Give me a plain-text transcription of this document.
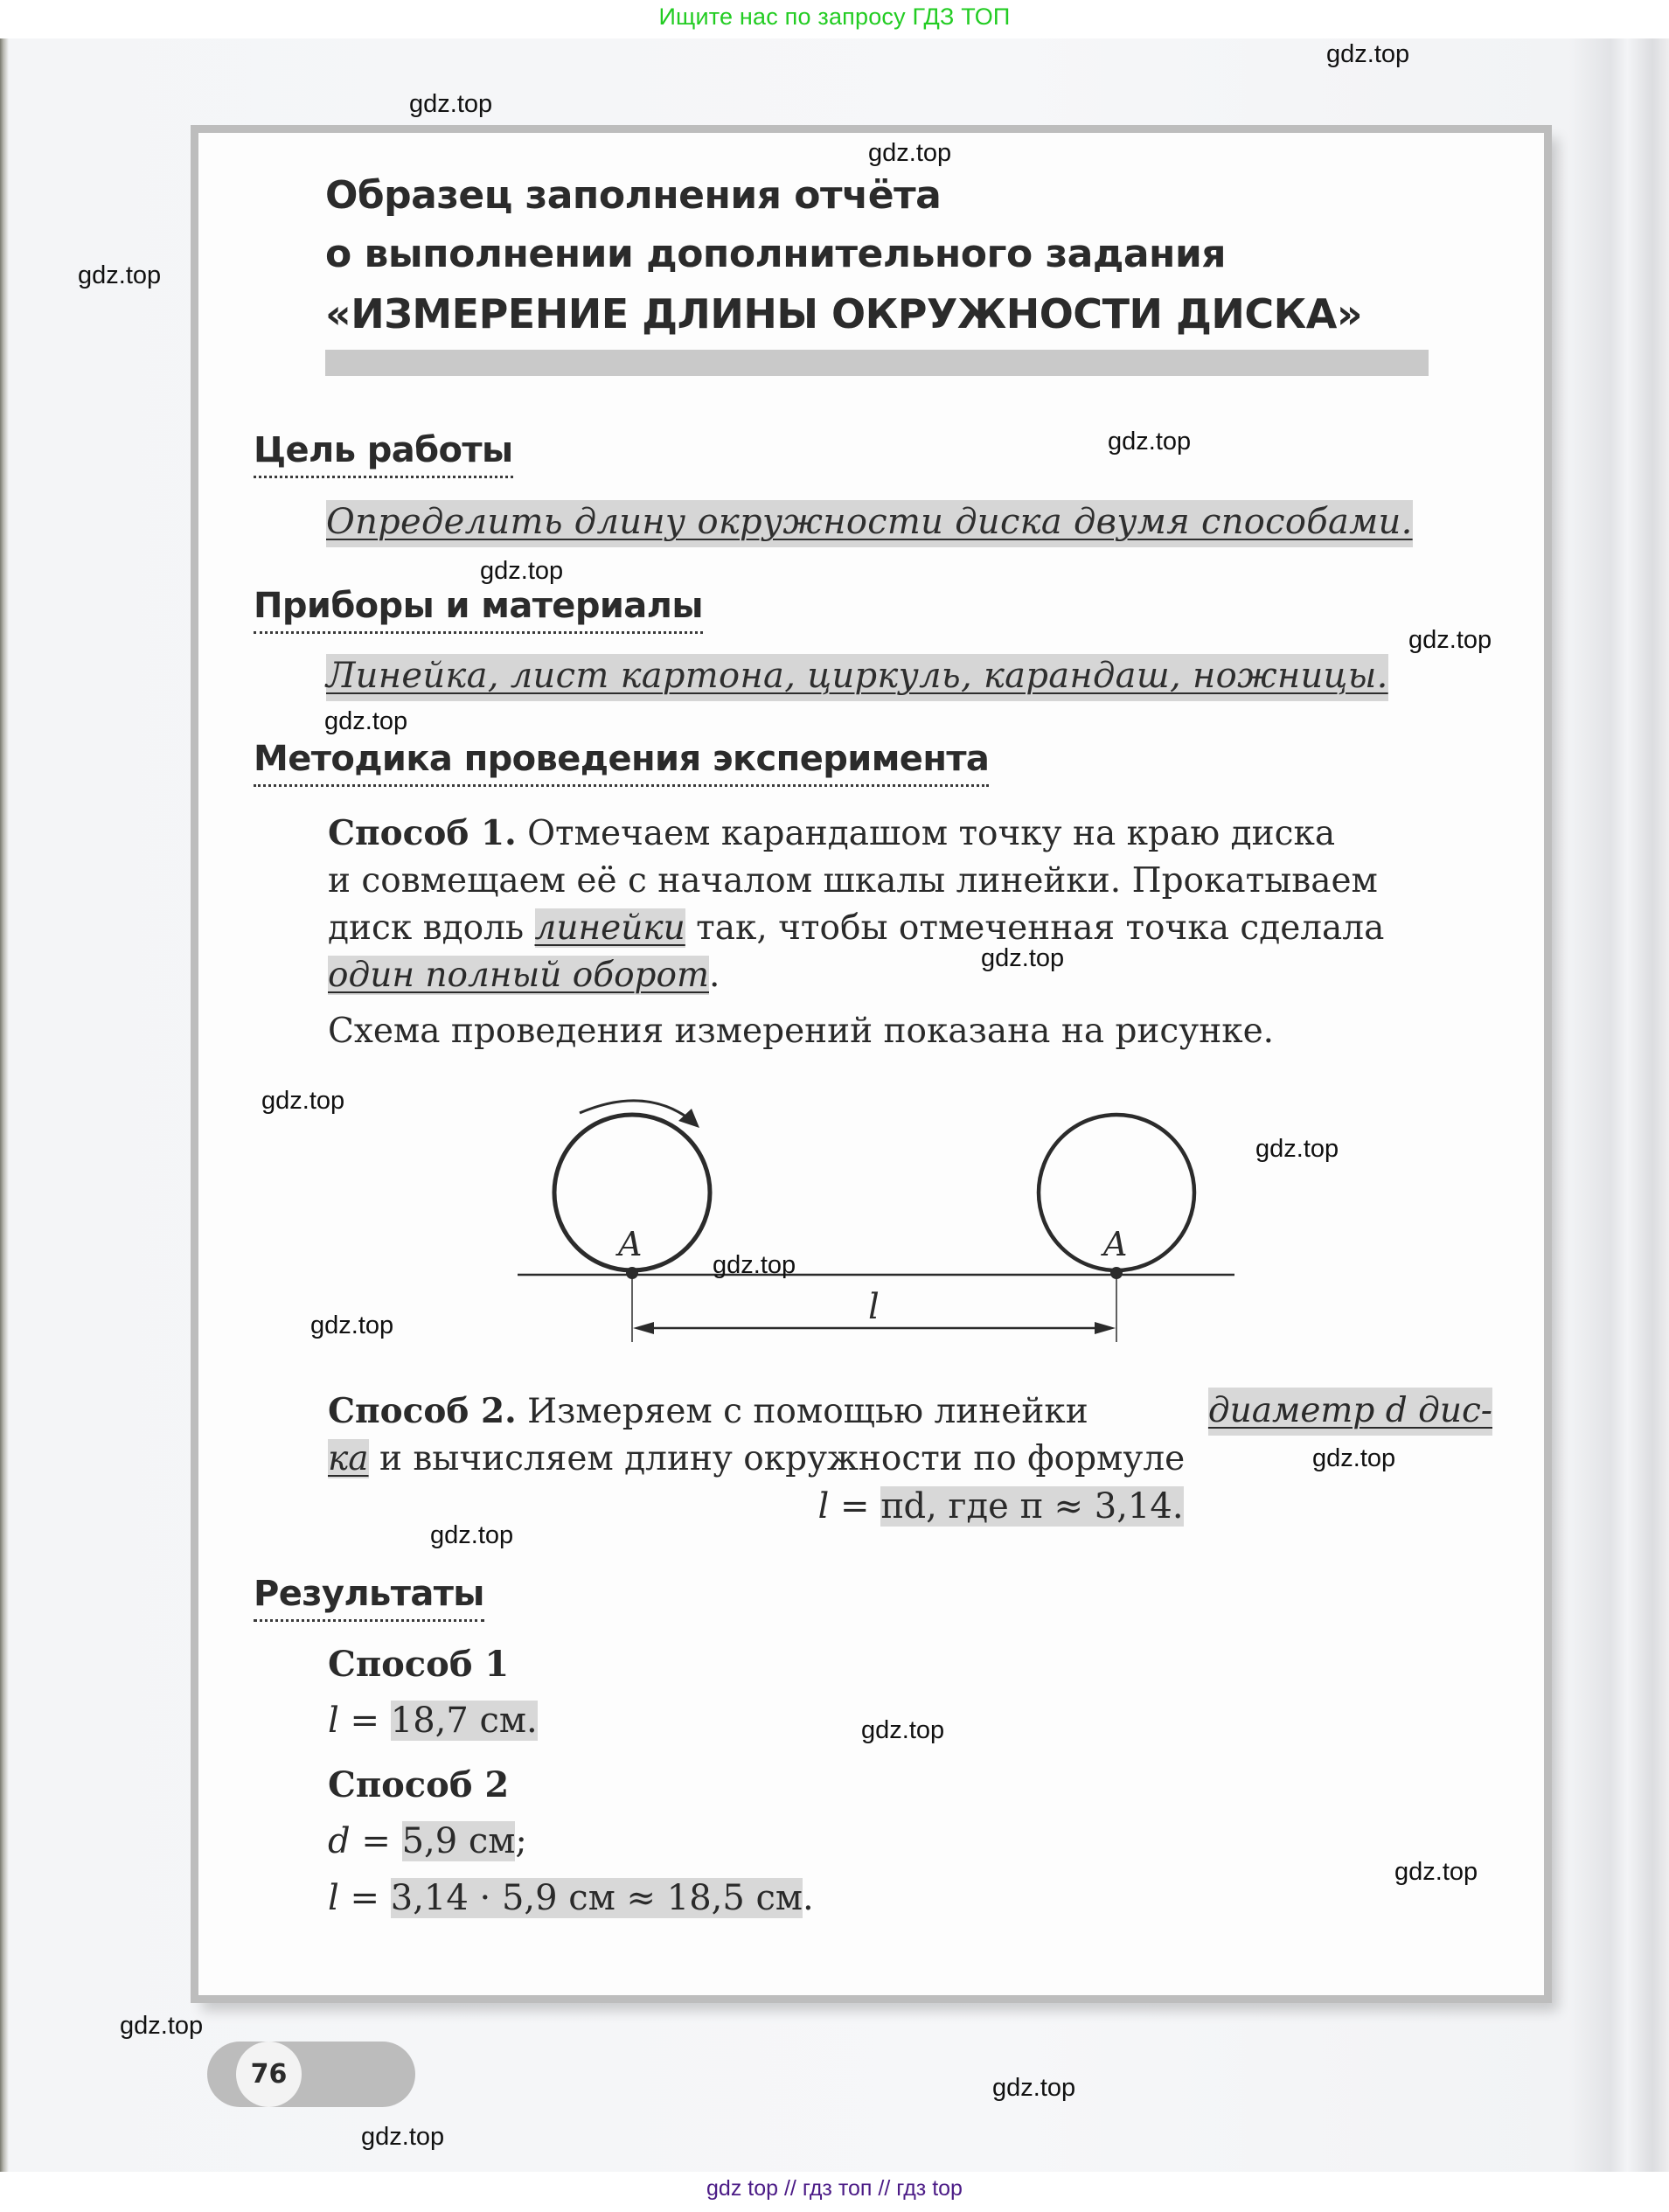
Ищите нас по запросу ГДЗ ТОП
Образец заполнения отчёта
о выполнении дополнительного задания
«ИЗМЕРЕНИЕ ДЛИНЫ ОКРУЖНОСТИ ДИСКА»
Цель работы
Определить длину окружности диска двумя способами.
Приборы и материалы
Линейка, лист картона, циркуль, карандаш, ножницы.
Методика проведения эксперимента
Способ 1. Отмечаем карандашом точку на краю диска
и совмещаем её с началом шкалы линейки. Прокатываем
диск вдоль линейки так, чтобы отмеченная точка сделала
один полный оборот.
Схема проведения измерений показана на рисунке.
A	A
l
Способ 2. Измеряем с помощью линейки	диаметр d дис-
ка и вычисляем длину окружности по формуле
l = πd, где π ≈ 3,14.
Результаты
Способ 1
l = 18,7 см.
Способ 2
d = 5,9 см;
l = 3,14 · 5,9 см ≈ 18,5 см.
76
gdz.top
gdz.top
gdz.top
gdz.top
gdz.top
gdz.top
gdz.top
gdz.top
gdz.top
gdz.top
gdz.top
gdz.top
gdz.top
gdz.top
gdz.top
gdz.top
gdz.top
gdz.top
gdz.top
gdz.top
gdz top // гдз топ // гдз top
